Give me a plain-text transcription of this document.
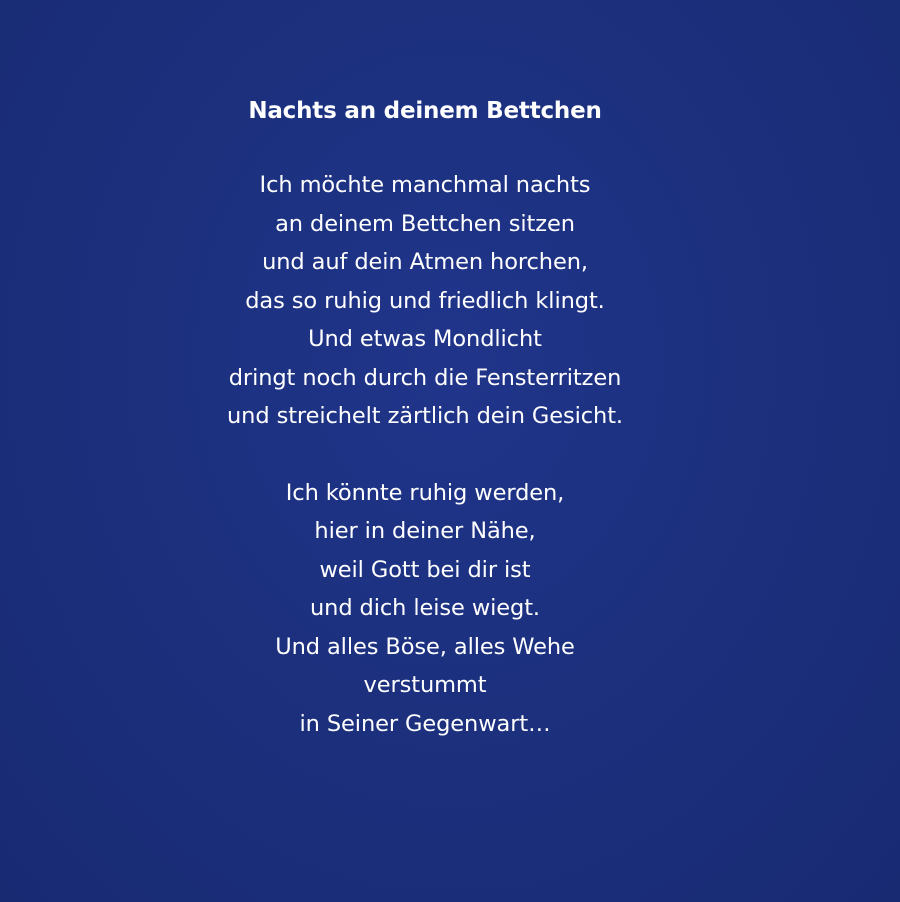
Nachts an deinem Bettchen
Ich möchte manchmal nachts
an deinem Bettchen sitzen
und auf dein Atmen horchen,
das so ruhig und friedlich klingt.
Und etwas Mondlicht
dringt noch durch die Fensterritzen
und streichelt zärtlich dein Gesicht.
Ich könnte ruhig werden,
hier in deiner Nähe,
weil Gott bei dir ist
und dich leise wiegt.
Und alles Böse, alles Wehe
verstummt
in Seiner Gegenwart…
